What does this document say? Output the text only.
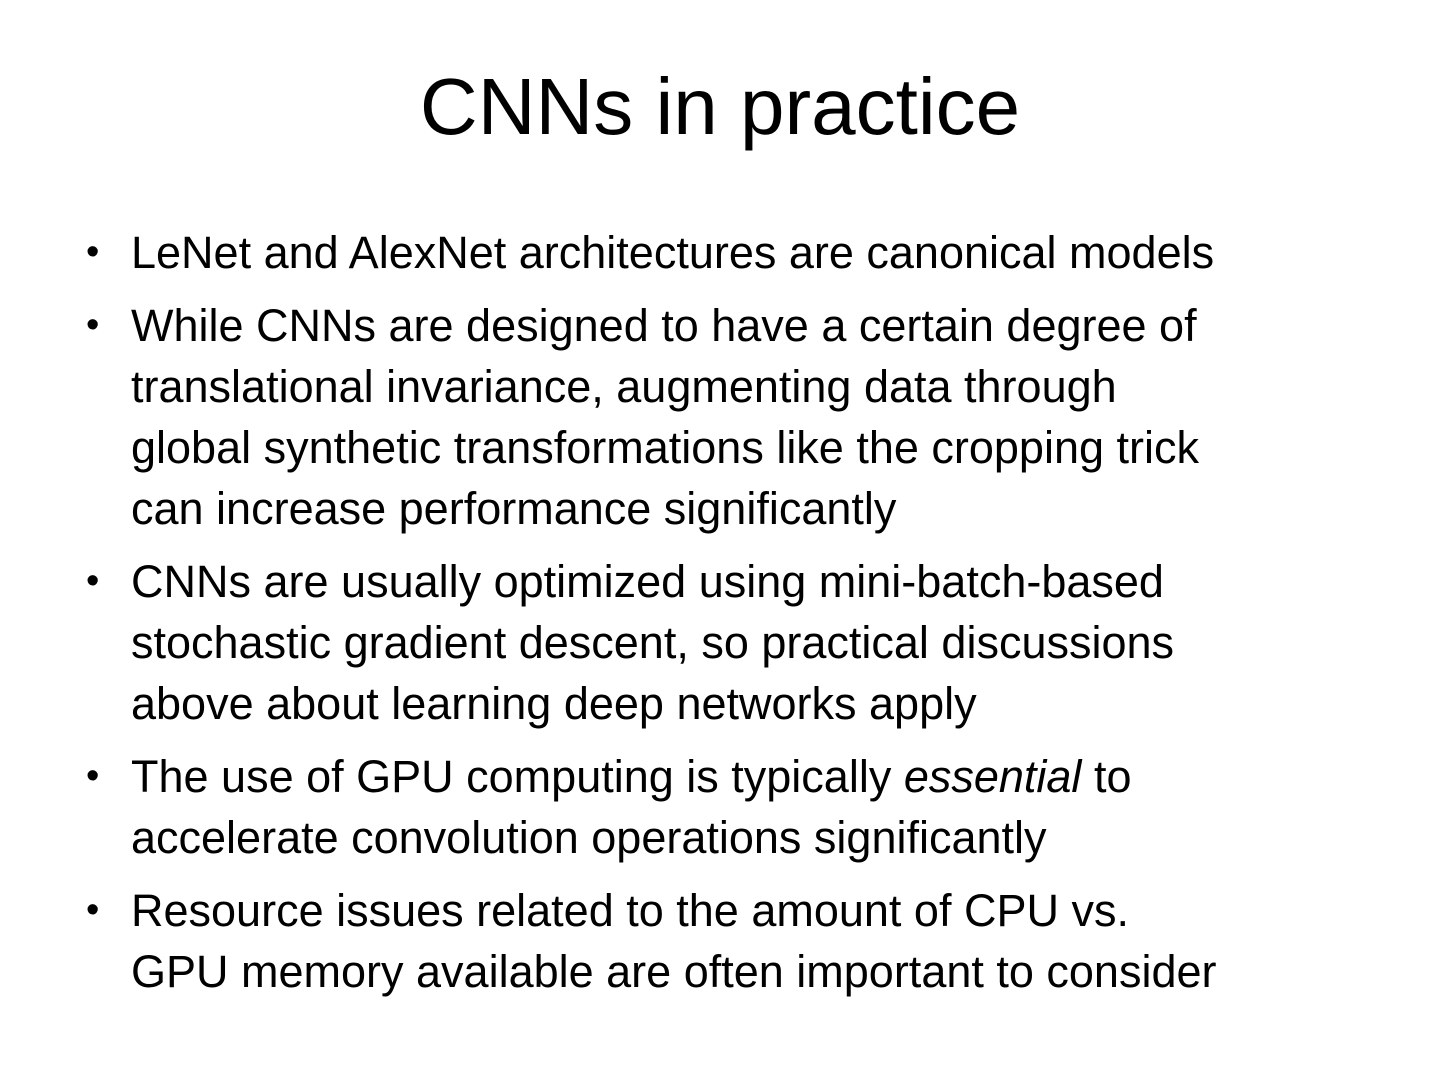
CNNs in practice
• LeNet and AlexNet architectures are canonical models
• While CNNs are designed to have a certain degree of
translational invariance, augmenting data through
global synthetic transformations like the cropping trick
can increase performance significantly
• CNNs are usually optimized using mini-batch-based
stochastic gradient descent, so practical discussions
above about learning deep networks apply
• The use of GPU computing is typically essential to
accelerate convolution operations significantly
• Resource issues related to the amount of CPU vs.
GPU memory available are often important to consider
